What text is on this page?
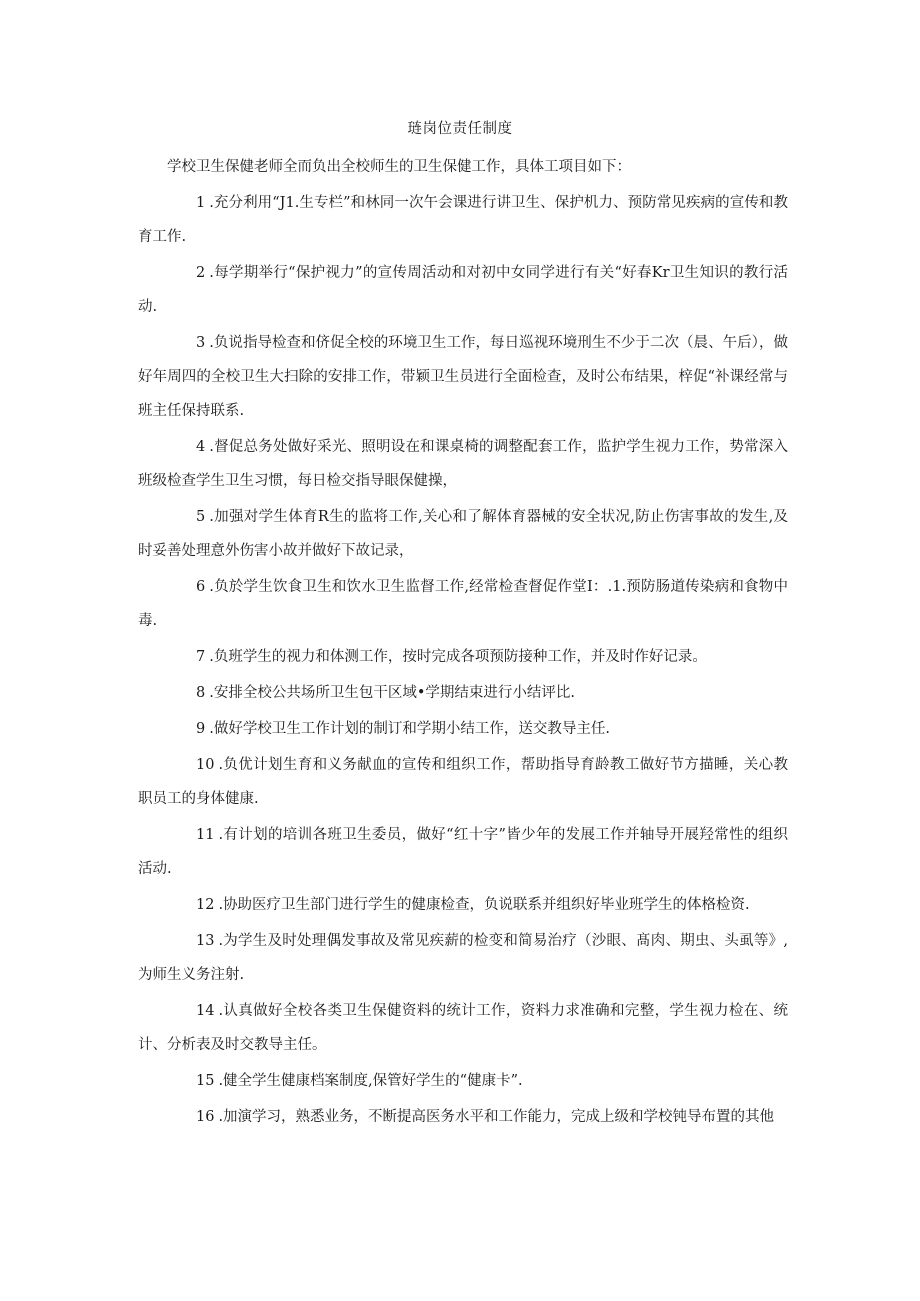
琏岗位责任制度

学校卫生保健老师全而负出全校师生的卫生保健工作，具体工项目如下：

1 .充分利用“J1.生专栏”和林同一次午会课进行讲卫生、保护机力、预防常见疾病的宣传和教育工作.

2 .每学期举行“保护视力”的宣传周活动和对初中女同学进行有关“好春Kr卫生知识的教行活动.

3 .负说指导检查和侪促全校的环境卫生工作，每日巡视环境刑生不少于二次（晨、午后），做好年周四的全校卫生大扫除的安排工作，带颖卫生员进行全面检查，及时公布结果，梓促“补课经常与班主任保持联系.

4 .督促总务处做好采光、照明设在和课桌椅的调整配套工作，监护学生视力工作，势常深入班级检查学生卫生习惯，每日检交指导眼保健操，

5 .加强对学生体育R生的监将工作,关心和了解体育器械的安全状况,防止伤害事故的发生,及时妥善处理意外伤害小故并做好下故记录，

6 .负於学生饮食卫生和饮水卫生监督工作,经常检查督促作堂I：.1.预防肠道传染病和食物中毒.

7 .负班学生的视力和体测工作，按时完成各项预防接种工作，并及时作好记录。

8 .安排全校公共场所卫生包干区域•学期结束进行小结评比.

9 .做好学校卫生工作计划的制订和学期小结工作，送交教导主任.

10 .负优计划生育和义务献血的宣传和组织工作，帮助指导育龄教工做好节方描睡，关心教职员工的身体健康.

11 .有计划的培训各班卫生委员，做好“红十字”皆少年的发展工作并轴导开展羟常性的组织活动.

12 .协助医疗卫生部门进行学生的健康检查，负说联系并组织好毕业班学生的体格检资.

13 .为学生及时处理偶发事故及常见疾薪的检变和简易治疗（沙眼、髙肉、期虫、头虱等》,为师生义务注射.

14 .认真做好全校各类卫生保健资料的统计工作，资料力求准确和完整，学生视力检在、统计、分析表及时交教导主任。

15 .健全学生健康档案制度,保管好学生的“健康卡”.

16 .加演学习，熟悉业务，不断提高医务水平和工作能力，完成上级和学校钝导布置的其他
